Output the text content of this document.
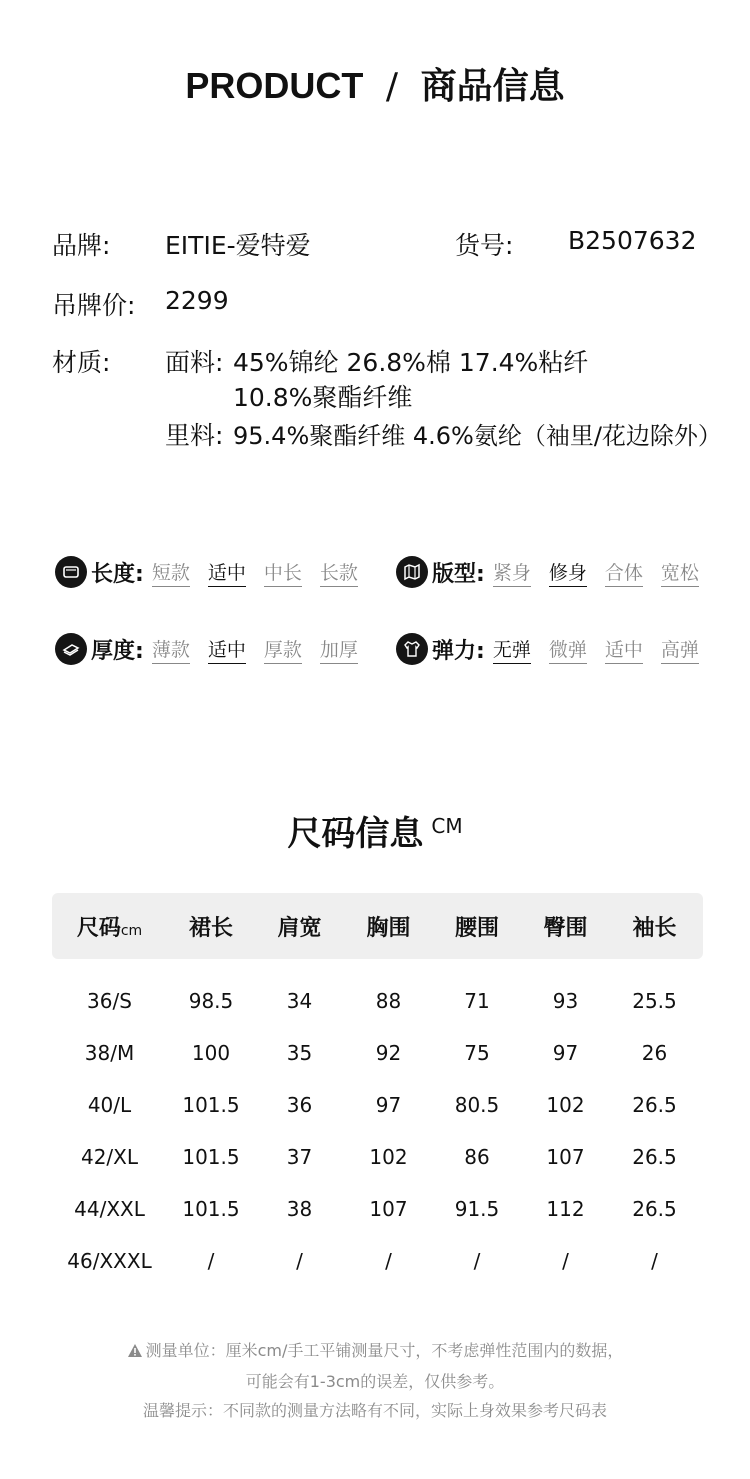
PRODUCT / 商品信息
品牌: EITIE-爱特爱	货号: B2507632
吊牌价: 2299
材质: 面料: 45%锦纶 26.8%棉 17.4%粘纤
10.8%聚酯纤维
里料: 95.4%聚酯纤维 4.6%氨纶（袖里/花边除外）
长度: 短款 适中 中长 长款	版型: 紧身 修身 合体 宽松
厚度: 薄款 适中 厚款 加厚	弹力: 无弹 微弹 适中 高弹
尺码信息 $^{CM}$
尺码cm	裙长	肩宽	胸围	腰围	臀围	袖长
36/S	98.5	34	88	71	93	25.5
38/M	100	35	92	75	97	26
40/L	101.5	36	97	80.5	102	26.5
42/XL	101.5	37	102	86	107	26.5
44/XXL	101.5	38	107	91.5	112	26.5
46/XXXL	/	/	/	/	/	/
测量单位：厘米cm/手工平铺测量尺寸，不考虑弹性范围内的数据，
可能会有1-3cm的误差，仅供参考。
温馨提示：不同款的测量方法略有不同，实际上身效果参考尺码表
